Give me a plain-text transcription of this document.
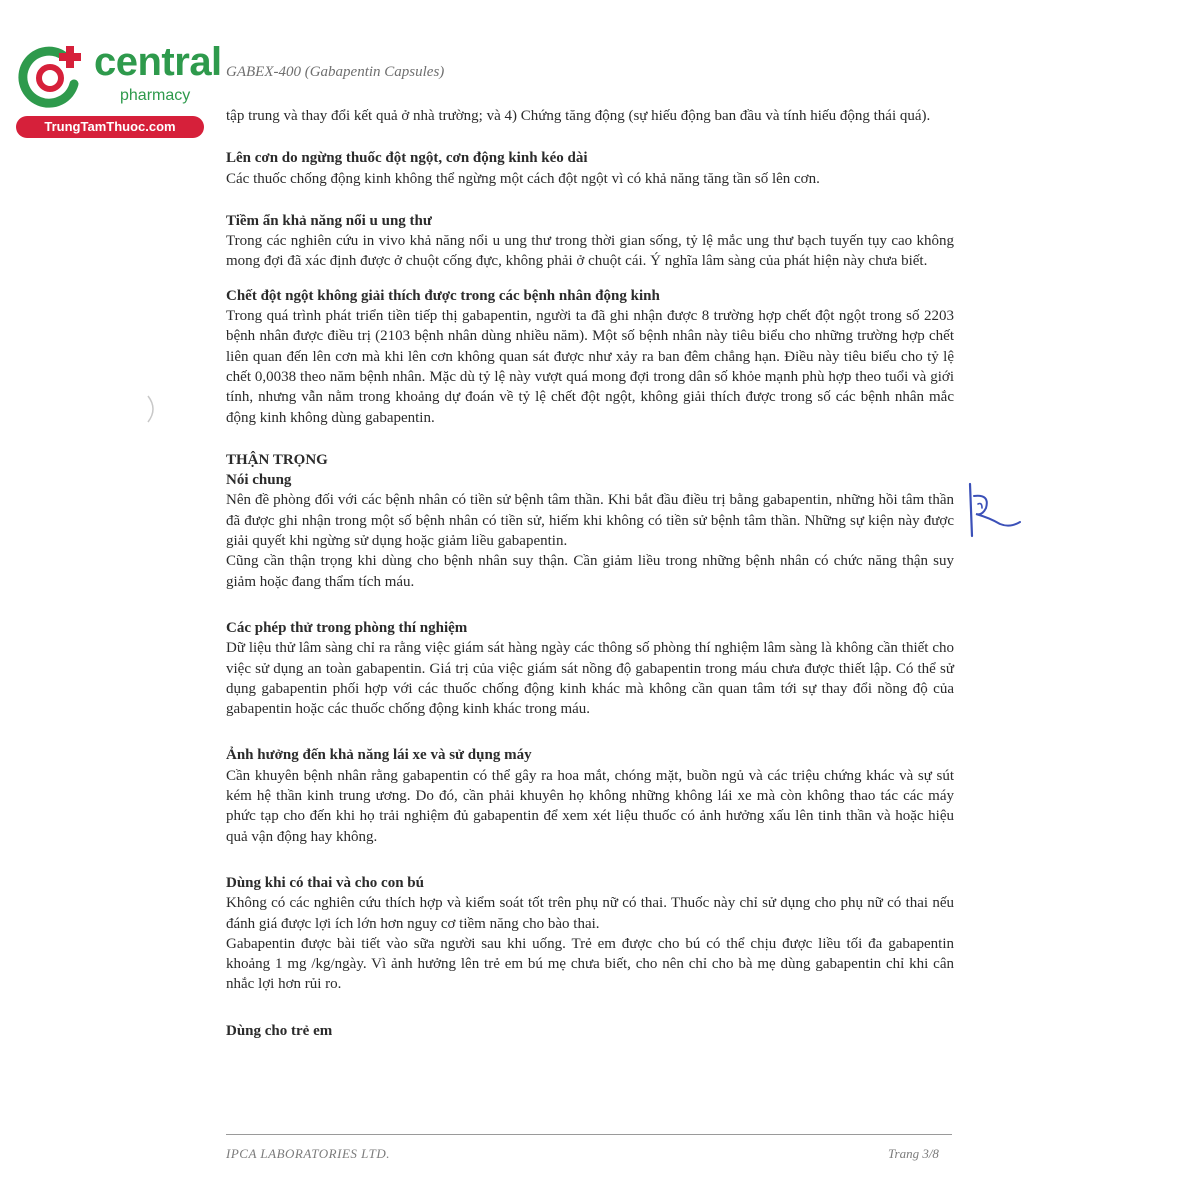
central
pharmacy
TrungTamThuoc.com
GABEX-400 (Gabapentin Capsules)

tập trung và thay đổi kết quả ở nhà trường; và 4) Chứng tăng động (sự hiếu động ban đầu và tính hiếu động thái quá).

Lên cơn do ngừng thuốc đột ngột, cơn động kinh kéo dài

Các thuốc chống động kinh không thể ngừng một cách đột ngột vì có khả năng tăng tần số lên cơn.

Tiềm ẩn khả năng nổi u ung thư

Trong các nghiên cứu in vivo khả năng nổi u ung thư trong thời gian sống, tỷ lệ mắc ung thư bạch tuyến tụy cao không mong đợi đã xác định được ở chuột cống đực, không phải ở chuột cái. Ý nghĩa lâm sàng của phát hiện này chưa biết.

Chết đột ngột không giải thích được trong các bệnh nhân động kinh

Trong quá trình phát triển tiền tiếp thị gabapentin, người ta đã ghi nhận được 8 trường hợp chết đột ngột trong số 2203 bệnh nhân được điều trị (2103 bệnh nhân dùng nhiều năm). Một số bệnh nhân này tiêu biểu cho những trường hợp chết liên quan đến lên cơn mà khi lên cơn không quan sát được như xảy ra ban đêm chẳng hạn. Điều này tiêu biểu cho tỷ lệ chết 0,0038 theo năm bệnh nhân. Mặc dù tỷ lệ này vượt quá mong đợi trong dân số khỏe mạnh phù hợp theo tuổi và giới tính, nhưng vẫn nằm trong khoảng dự đoán về tỷ lệ chết đột ngột, không giải thích được trong số các bệnh nhân mắc động kinh không dùng gabapentin.

THẬN TRỌNG
Nói chung

Nên đề phòng đối với các bệnh nhân có tiền sử bệnh tâm thần. Khi bắt đầu điều trị bằng gabapentin, những hồi tâm thần đã được ghi nhận trong một số bệnh nhân có tiền sử, hiếm khi không có tiền sử bệnh tâm thần. Những sự kiện này được giải quyết khi ngừng sử dụng hoặc giảm liều gabapentin.

Cũng cần thận trọng khi dùng cho bệnh nhân suy thận. Cần giảm liều trong những bệnh nhân có chức năng thận suy giảm hoặc đang thẩm tích máu.

Các phép thử trong phòng thí nghiệm

Dữ liệu thử lâm sàng chỉ ra rằng việc giám sát hàng ngày các thông số phòng thí nghiệm lâm sàng là không cần thiết cho việc sử dụng an toàn gabapentin. Giá trị của việc giám sát nồng độ gabapentin trong máu chưa được thiết lập. Có thể sử dụng gabapentin phối hợp với các thuốc chống động kinh khác mà không cần quan tâm tới sự thay đổi nồng độ của gabapentin hoặc các thuốc chống động kinh khác trong máu.

Ảnh hưởng đến khả năng lái xe và sử dụng máy

Cần khuyên bệnh nhân rằng gabapentin có thể gây ra hoa mắt, chóng mặt, buồn ngủ và các triệu chứng khác và sự sút kém hệ thần kinh trung ương. Do đó, cần phải khuyên họ không những không lái xe mà còn không thao tác các máy phức tạp cho đến khi họ trải nghiệm đủ gabapentin để xem xét liệu thuốc có ảnh hưởng xấu lên tinh thần và hoặc hiệu quả vận động hay không.

Dùng khi có thai và cho con bú

Không có các nghiên cứu thích hợp và kiểm soát tốt trên phụ nữ có thai. Thuốc này chỉ sử dụng cho phụ nữ có thai nếu đánh giá được lợi ích lớn hơn nguy cơ tiềm năng cho bào thai.

Gabapentin được bài tiết vào sữa người sau khi uống. Trẻ em được cho bú có thể chịu được liều tối đa gabapentin khoảng 1 mg /kg/ngày. Vì ảnh hưởng lên trẻ em bú mẹ chưa biết, cho nên chỉ cho bà mẹ dùng gabapentin chỉ khi cân nhắc lợi hơn rủi ro.

Dùng cho trẻ em
IPCA LABORATORIES LTD.	Trang 3/8
